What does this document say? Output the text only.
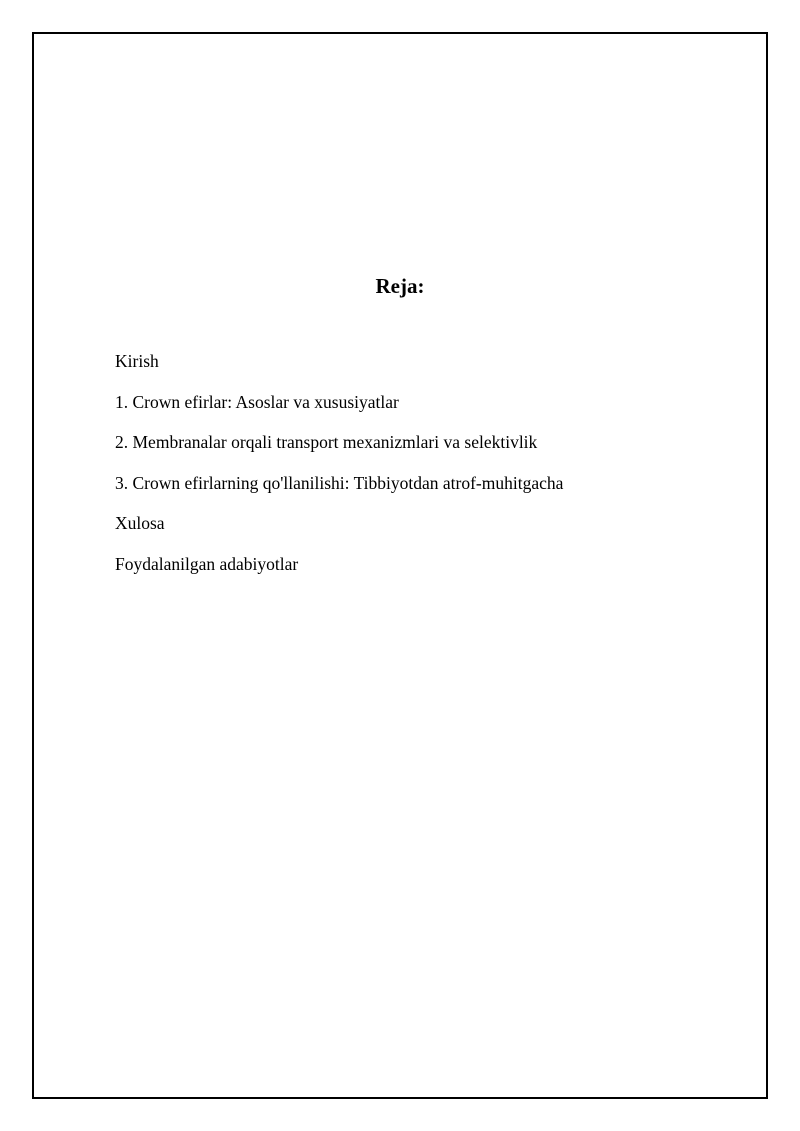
Reja:
Kirish
1. Crown efirlar: Asoslar va xususiyatlar
2. Membranalar orqali transport mexanizmlari va selektivlik
3. Crown efirlarning qo'llanilishi: Tibbiyotdan atrof-muhitgacha
Xulosa
Foydalanilgan adabiyotlar
